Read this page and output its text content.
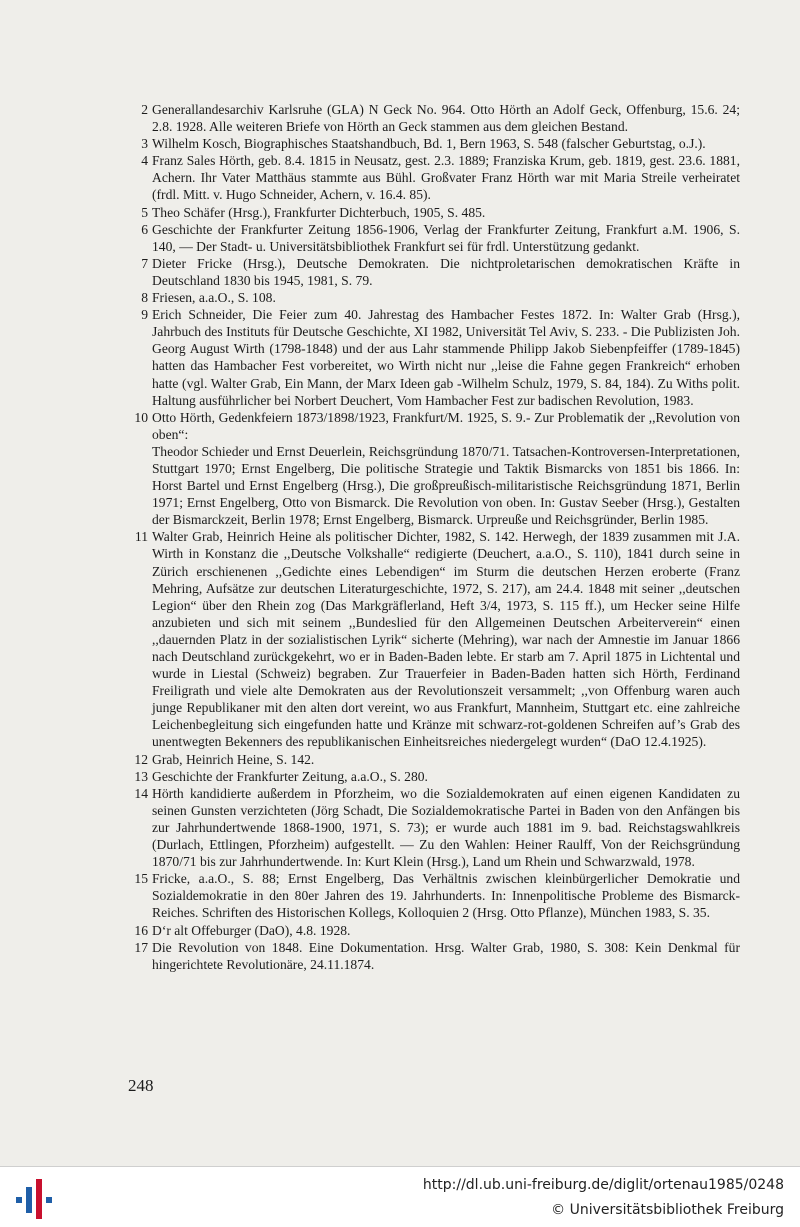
2 Generallandesarchiv Karlsruhe (GLA) N Geck No. 964. Otto Hörth an Adolf Geck, Offenburg, 15.6. 24; 2.8. 1928. Alle weiteren Briefe von Hörth an Geck stammen aus dem gleichen Bestand.

3 Wilhelm Kosch, Biographisches Staatshandbuch, Bd. 1, Bern 1963, S. 548 (falscher Geburtstag, o.J.).

4 Franz Sales Hörth, geb. 8.4. 1815 in Neusatz, gest. 2.3. 1889; Franziska Krum, geb. 1819, gest. 23.6. 1881, Achern. Ihr Vater Matthäus stammte aus Bühl. Großvater Franz Hörth war mit Maria Streile verheiratet (frdl. Mitt. v. Hugo Schneider, Achern, v. 16.4. 85).

5 Theo Schäfer (Hrsg.), Frankfurter Dichterbuch, 1905, S. 485.

6 Geschichte der Frankfurter Zeitung 1856-1906, Verlag der Frankfurter Zeitung, Frankfurt a.M. 1906, S. 140, — Der Stadt- u. Universitätsbibliothek Frankfurt sei für frdl. Unterstützung gedankt.

7 Dieter Fricke (Hrsg.), Deutsche Demokraten. Die nichtproletarischen demokratischen Kräfte in Deutschland 1830 bis 1945, 1981, S. 79.

8 Friesen, a.a.O., S. 108.

9 Erich Schneider, Die Feier zum 40. Jahrestag des Hambacher Festes 1872. In: Walter Grab (Hrsg.), Jahrbuch des Instituts für Deutsche Geschichte, XI 1982, Universität Tel Aviv, S. 233. - Die Publizisten Joh. Georg August Wirth (1798-1848) und der aus Lahr stammende Philipp Jakob Siebenpfeiffer (1789-1845) hatten das Hambacher Fest vorbereitet, wo Wirth nicht nur ,,leise die Fahne gegen Frankreich“ erhoben hatte (vgl. Walter Grab, Ein Mann, der Marx Ideen gab -Wilhelm Schulz, 1979, S. 84, 184). Zu Withs polit. Haltung ausführlicher bei Norbert Deuchert, Vom Hambacher Fest zur badischen Revolution, 1983.

10 Otto Hörth, Gedenkfeiern 1873/1898/1923, Frankfurt/M. 1925, S. 9.- Zur Problematik der ,,Revolution von oben“:

Theodor Schieder und Ernst Deuerlein, Reichsgründung 1870/71. Tatsachen-Kontroversen-Interpretationen, Stuttgart 1970; Ernst Engelberg, Die politische Strategie und Taktik Bismarcks von 1851 bis 1866. In: Horst Bartel und Ernst Engelberg (Hrsg.), Die großpreußisch-militaristische Reichsgründung 1871, Berlin 1971; Ernst Engelberg, Otto von Bismarck. Die Revolution von oben. In: Gustav Seeber (Hrsg.), Gestalten der Bismarckzeit, Berlin 1978; Ernst Engelberg, Bismarck. Urpreuße und Reichsgründer, Berlin 1985.

11 Walter Grab, Heinrich Heine als politischer Dichter, 1982, S. 142. Herwegh, der 1839 zusammen mit J.A. Wirth in Konstanz die ,,Deutsche Volkshalle“ redigierte (Deuchert, a.a.O., S. 110), 1841 durch seine in Zürich erschienenen ,,Gedichte eines Lebendigen“ im Sturm die deutschen Herzen eroberte (Franz Mehring, Aufsätze zur deutschen Literaturgeschichte, 1972, S. 217), am 24.4. 1848 mit seiner ,,deutschen Legion“ über den Rhein zog (Das Markgräflerland, Heft 3/4, 1973, S. 115 ff.), um Hecker seine Hilfe anzubieten und sich mit seinem ,,Bundeslied für den Allgemeinen Deutschen Arbeiterverein“ einen ,,dauernden Platz in der sozialistischen Lyrik“ sicherte (Mehring), war nach der Amnestie im Januar 1866 nach Deutschland zurückgekehrt, wo er in Baden-Baden lebte. Er starb am 7. April 1875 in Lichtental und wurde in Liestal (Schweiz) begraben. Zur Trauerfeier in Baden-Baden hatten sich Hörth, Ferdinand Freiligrath und viele alte Demokraten aus der Revolutionszeit versammelt; ,,von Offenburg waren auch junge Republikaner mit den alten dort vereint, wo aus Frankfurt, Mannheim, Stuttgart etc. eine zahlreiche Leichenbegleitung sich eingefunden hatte und Kränze mit schwarz-rot-goldenen Schreifen auf’s Grab des unentwegten Bekenners des republikanischen Einheitsreiches niedergelegt wurden“ (DaO 12.4.1925).

12 Grab, Heinrich Heine, S. 142.

13 Geschichte der Frankfurter Zeitung, a.a.O., S. 280.

14 Hörth kandidierte außerdem in Pforzheim, wo die Sozialdemokraten auf einen eigenen Kandidaten zu seinen Gunsten verzichteten (Jörg Schadt, Die Sozialdemokratische Partei in Baden von den Anfängen bis zur Jahrhundertwende 1868-1900, 1971, S. 73); er wurde auch 1881 im 9. bad. Reichstagswahlkreis (Durlach, Ettlingen, Pforzheim) aufgestellt. — Zu den Wahlen: Heiner Raulff, Von der Reichsgründung 1870/71 bis zur Jahrhundertwende. In: Kurt Klein (Hrsg.), Land um Rhein und Schwarzwald, 1978.

15 Fricke, a.a.O., S. 88; Ernst Engelberg, Das Verhältnis zwischen kleinbürgerlicher Demokratie und Sozialdemokratie in den 80er Jahren des 19. Jahrhunderts. In: Innenpolitische Probleme des Bismarck-Reiches. Schriften des Historischen Kollegs, Kolloquien 2 (Hrsg. Otto Pflanze), München 1983, S. 35.

16 D‘r alt Offeburger (DaO), 4.8. 1928.

17 Die Revolution von 1848. Eine Dokumentation. Hrsg. Walter Grab, 1980, S. 308: Kein Denkmal für hingerichtete Revolutionäre, 24.11.1874.

248
http://dl.ub.uni-freiburg.de/diglit/ortenau1985/0248
© Universitätsbibliothek Freiburg
